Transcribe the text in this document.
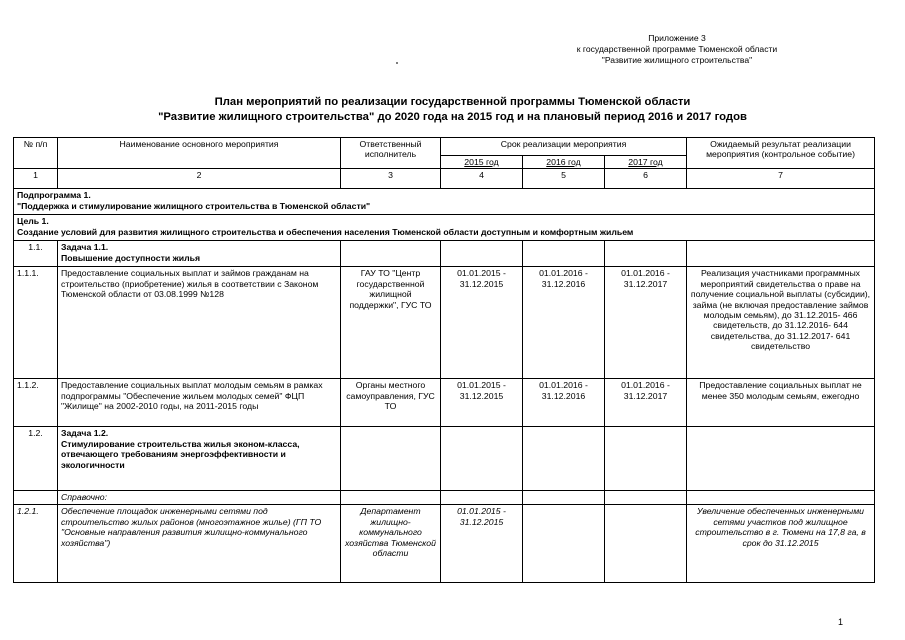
Приложение 3
к государственной программе Тюменской области
"Развитие жилищного строительства"
План мероприятий по реализации государственной программы Тюменской области
"Развитие жилищного строительства" до 2020 года на 2015 год и на плановый период 2016 и 2017 годов
№ п/п	Наименование основного мероприятия	Ответственный исполнитель	Срок реализации мероприятия			Ожидаемый результат реализации мероприятия (контрольное событие)
			2015 год	2016 год	2017 год	
1	2	3	4	5	6	7

Подпрограмма 1.
"Поддержка и стимулирование жилищного строительства в Тюменской области"						

Цель 1.
Создание условий для развития жилищного строительства и обеспечения населения Тюменской области доступным и комфортным жильем						

1.1.	Задача 1.1.
Повышение доступности жилья					

1.1.1.	Предоставление социальных выплат и займов гражданам на строительство (приобретение) жилья в соответствии с Законом Тюменской области от 03.08.1999 №128	ГАУ ТО "Центр государственной жилищной поддержки", ГУС ТО	01.01.2015 - 31.12.2015	01.01.2016 - 31.12.2016	01.01.2016 - 31.12.2017	Реализация участниками программных мероприятий свидетельства о праве на получение социальной выплаты (субсидии), займа (не включая предоставление займов молодым семьям), до 31.12.2015- 466 свидетельств, до 31.12.2016- 644 свидетельства, до 31.12.2017- 641 свидетельство
1.1.2.	Предоставление социальных выплат молодым семьям в рамках подпрограммы "Обеспечение жильем молодых семей" ФЦП "Жилище" на 2002-2010 годы, на 2011-2015 годы	Органы местного самоуправления, ГУС ТО	01.01.2015 - 31.12.2015	01.01.2016 - 31.12.2016	01.01.2016 - 31.12.2017	Предоставление социальных выплат не менее 350 молодым семьям, ежегодно
1.2.	Задача 1.2.
Стимулирование строительства жилья эконом-класса, отвечающего требованиям энергоэффективности и экологичности					

	Справочно:					
1.2.1.	Обеспечение площадок инженерными сетями под строительство жилых районов (многоэтажное жилье) (ГП ТО "Основные направления развития жилищно-коммунального хозяйства")	Департамент жилищно-коммунального хозяйства Тюменской области	01.01.2015 - 31.12.2015			Увеличение обеспеченных инженерными сетями участков под жилищное строительство в г. Тюмени на 17,8 га, в срок до 31.12.2015
1
